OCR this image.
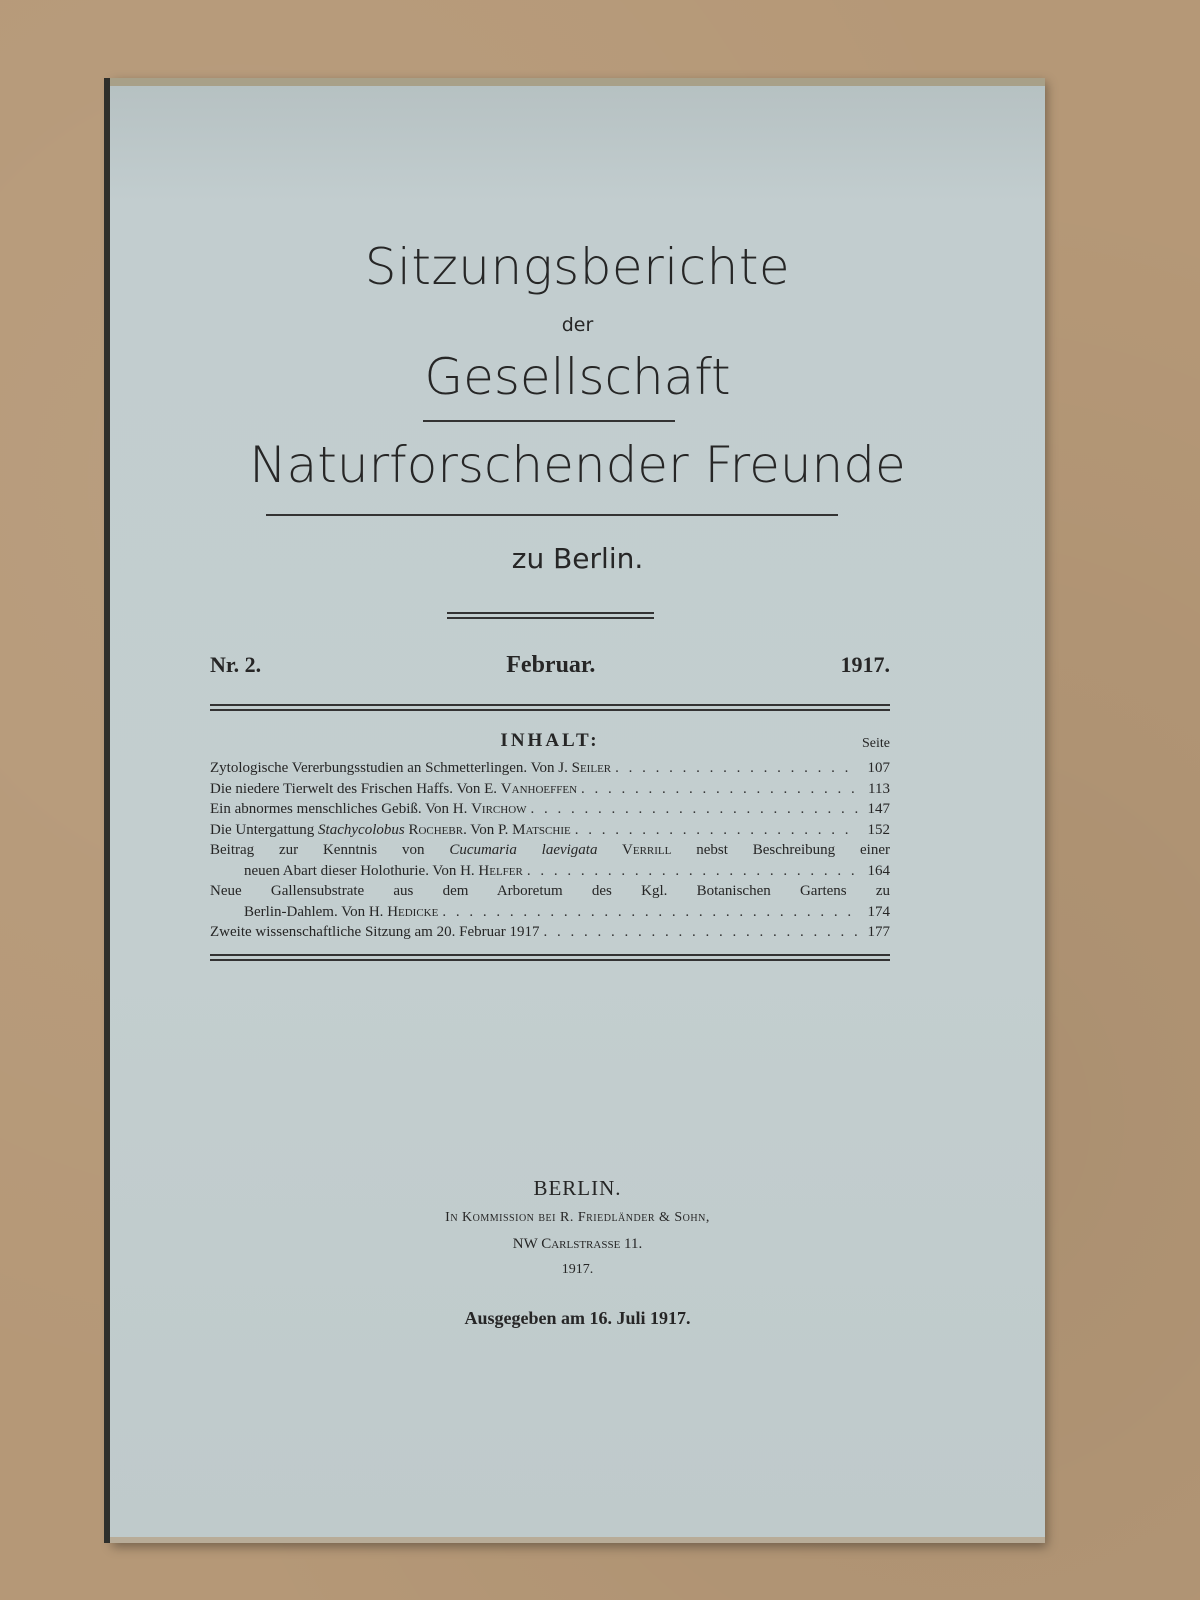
Sitzungsberichte
der
Gesellschaft
Naturforschender Freunde
zu Berlin.
Nr. 2.	Februar.	1917.
INHALT:	Seite
Zytologische Vererbungsstudien an Schmetterlingen. Von J. Seiler . . .	107
Die niedere Tierwelt des Frischen Haffs. Von E. Vanhoeffen . . .	113
Ein abnormes menschliches Gebiß. Von H. Virchow . . .	147
Die Untergattung Stachycolobus Rochebr. Von P. Matschie . . .	152
Beitrag zur Kenntnis von Cucumaria laevigata Verrill nebst Beschreibung einer
neuen Abart dieser Holothurie. Von H. Helfer . . .	164
Neue Gallensubstrate aus dem Arboretum des Kgl. Botanischen Gartens zu
Berlin-Dahlem. Von H. Hedicke . . .	174
Zweite wissenschaftliche Sitzung am 20. Februar 1917 . . .	177
BERLIN.
In Kommission bei R. Friedländer & Sohn,
NW Carlstrasse 11.
1917.
Ausgegeben am 16. Juli 1917.
